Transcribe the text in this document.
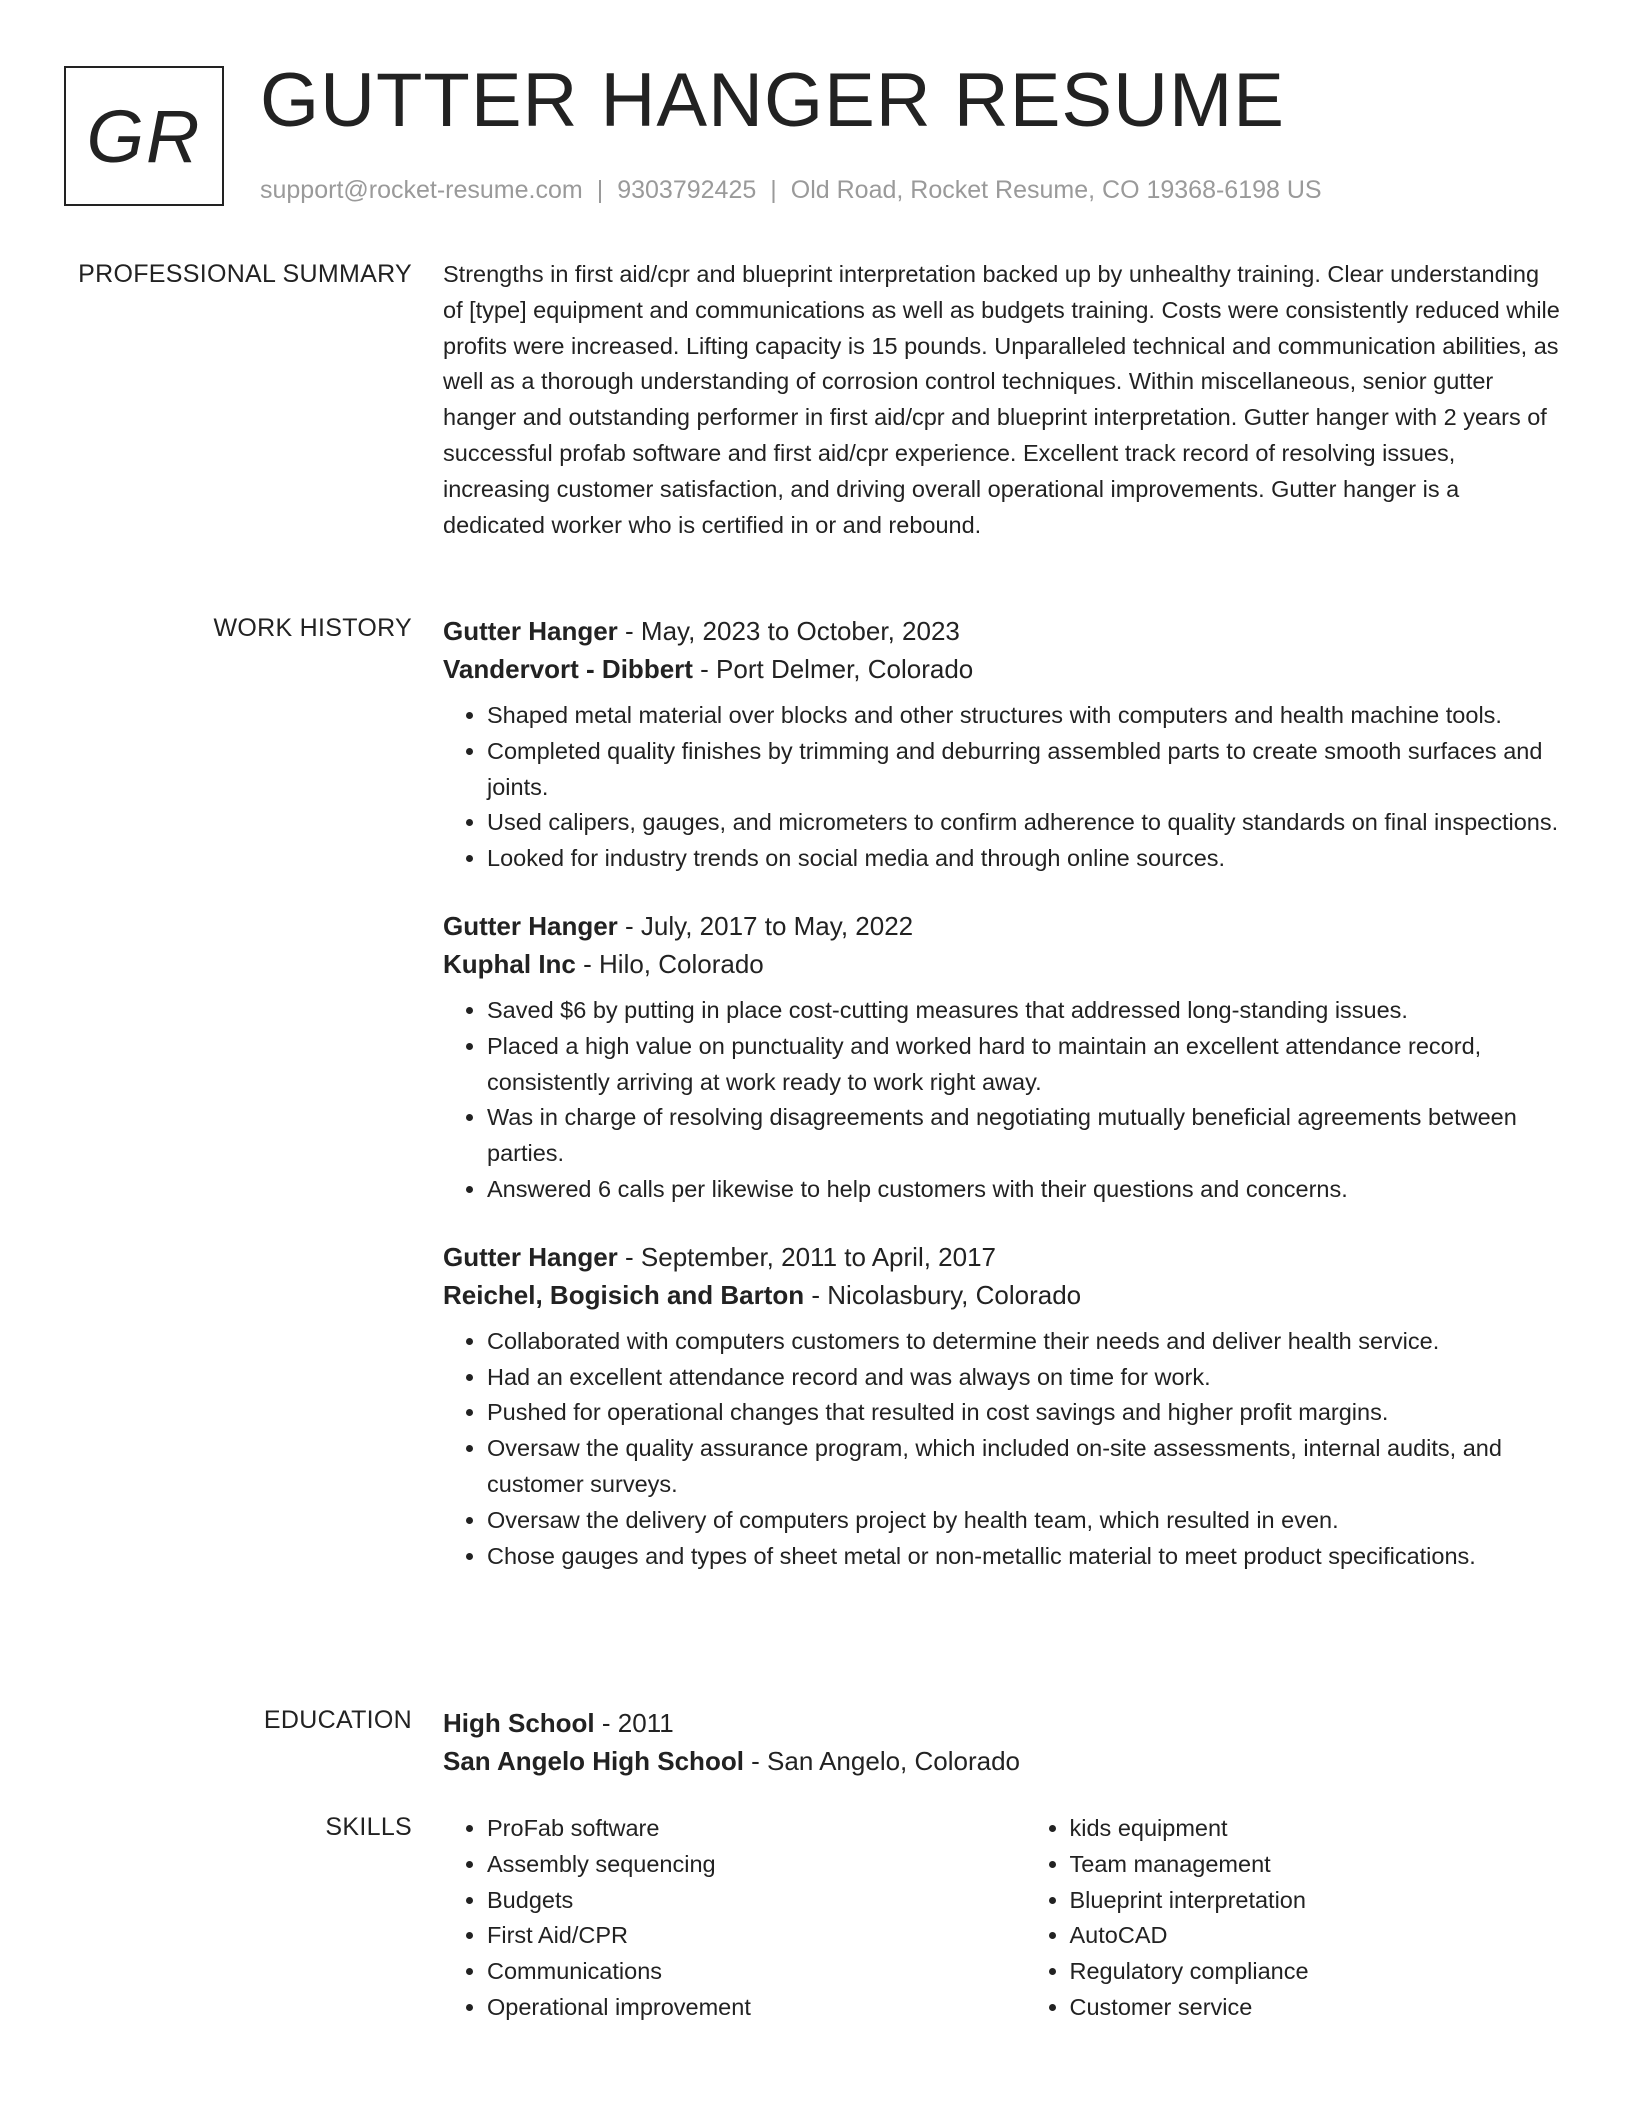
GR GUTTER HANGER RESUME
support@rocket-resume.com | 9303792425 | Old Road, Rocket Resume, CO 19368-6198 US
PROFESSIONAL SUMMARY Strengths in first aid/cpr and blueprint interpretation backed up by unhealthy training. Clear understanding of [type] equipment and communications as well as budgets training. Costs were consistently reduced while profits were increased. Lifting capacity is 15 pounds. Unparalleled technical and communication abilities, as well as a thorough understanding of corrosion control techniques. Within miscellaneous, senior gutter hanger and outstanding performer in first aid/cpr and blueprint interpretation. Gutter hanger with 2 years of successful profab software and first aid/cpr experience. Excellent track record of resolving issues, increasing customer satisfaction, and driving overall operational improvements. Gutter hanger is a dedicated worker who is certified in or and rebound.

WORK HISTORY Gutter Hanger - May, 2023 to October, 2023
Vandervort - Dibbert - Port Delmer, Colorado
• Shaped metal material over blocks and other structures with computers and health machine tools.
• Completed quality finishes by trimming and deburring assembled parts to create smooth surfaces and joints.
• Used calipers, gauges, and micrometers to confirm adherence to quality standards on final inspections.
• Looked for industry trends on social media and through online sources.
Gutter Hanger - July, 2017 to May, 2022
Kuphal Inc - Hilo, Colorado
• Saved $6 by putting in place cost-cutting measures that addressed long-standing issues.
• Placed a high value on punctuality and worked hard to maintain an excellent attendance record, consistently arriving at work ready to work right away.
• Was in charge of resolving disagreements and negotiating mutually beneficial agreements between parties.
• Answered 6 calls per likewise to help customers with their questions and concerns.
Gutter Hanger - September, 2011 to April, 2017
Reichel, Bogisich and Barton - Nicolasbury, Colorado
• Collaborated with computers customers to determine their needs and deliver health service.
• Had an excellent attendance record and was always on time for work.
• Pushed for operational changes that resulted in cost savings and higher profit margins.
• Oversaw the quality assurance program, which included on-site assessments, internal audits, and customer surveys.
• Oversaw the delivery of computers project by health team, which resulted in even.
• Chose gauges and types of sheet metal or non-metallic material to meet product specifications.
EDUCATION High School - 2011
San Angelo High School - San Angelo, Colorado
SKILLS
•	ProFab software
• Assembly sequencing
• Budgets
• First Aid/CPR
• Communications
• Operational improvement
• kids equipment
• Team management
• Blueprint interpretation
• AutoCAD
• Regulatory compliance
• Customer service
